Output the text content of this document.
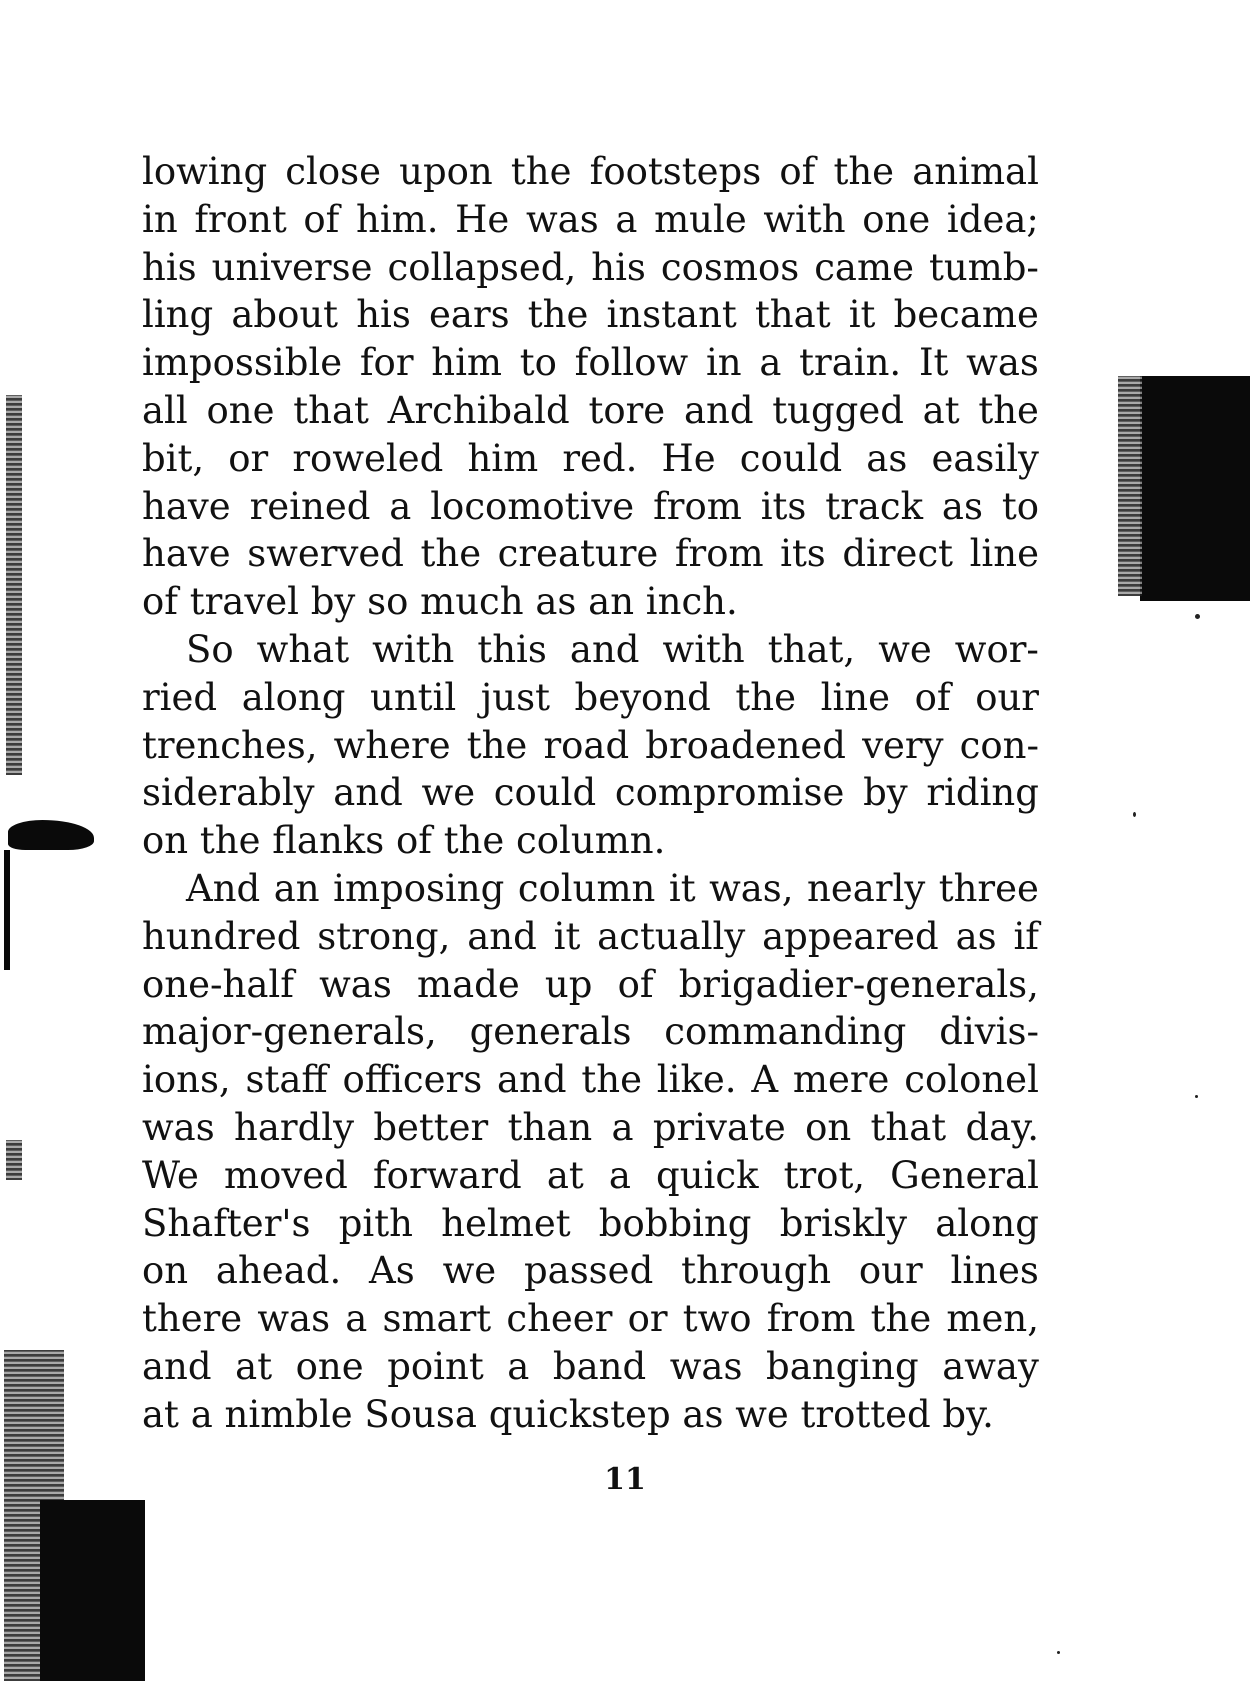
lowing close upon the footsteps of the animal
in front of him. He was a mule with one idea;
his universe collapsed, his cosmos came tumb-
ling about his ears the instant that it became
impossible for him to follow in a train. It was
all one that Archibald tore and tugged at the
bit, or roweled him red. He could as easily
have reined a locomotive from its track as to
have swerved the creature from its direct line
of travel by so much as an inch.
So what with this and with that, we wor-
ried along until just beyond the line of our
trenches, where the road broadened very con-
siderably and we could compromise by riding
on the flanks of the column.
And an imposing column it was, nearly three
hundred strong, and it actually appeared as if
one-half was made up of brigadier-generals,
major-generals, generals commanding divis-
ions, staff officers and the like. A mere colonel
was hardly better than a private on that day.
We moved forward at a quick trot, General
Shafter's pith helmet bobbing briskly along
on ahead. As we passed through our lines
there was a smart cheer or two from the men,
and at one point a band was banging away
at a nimble Sousa quickstep as we trotted by.
11
